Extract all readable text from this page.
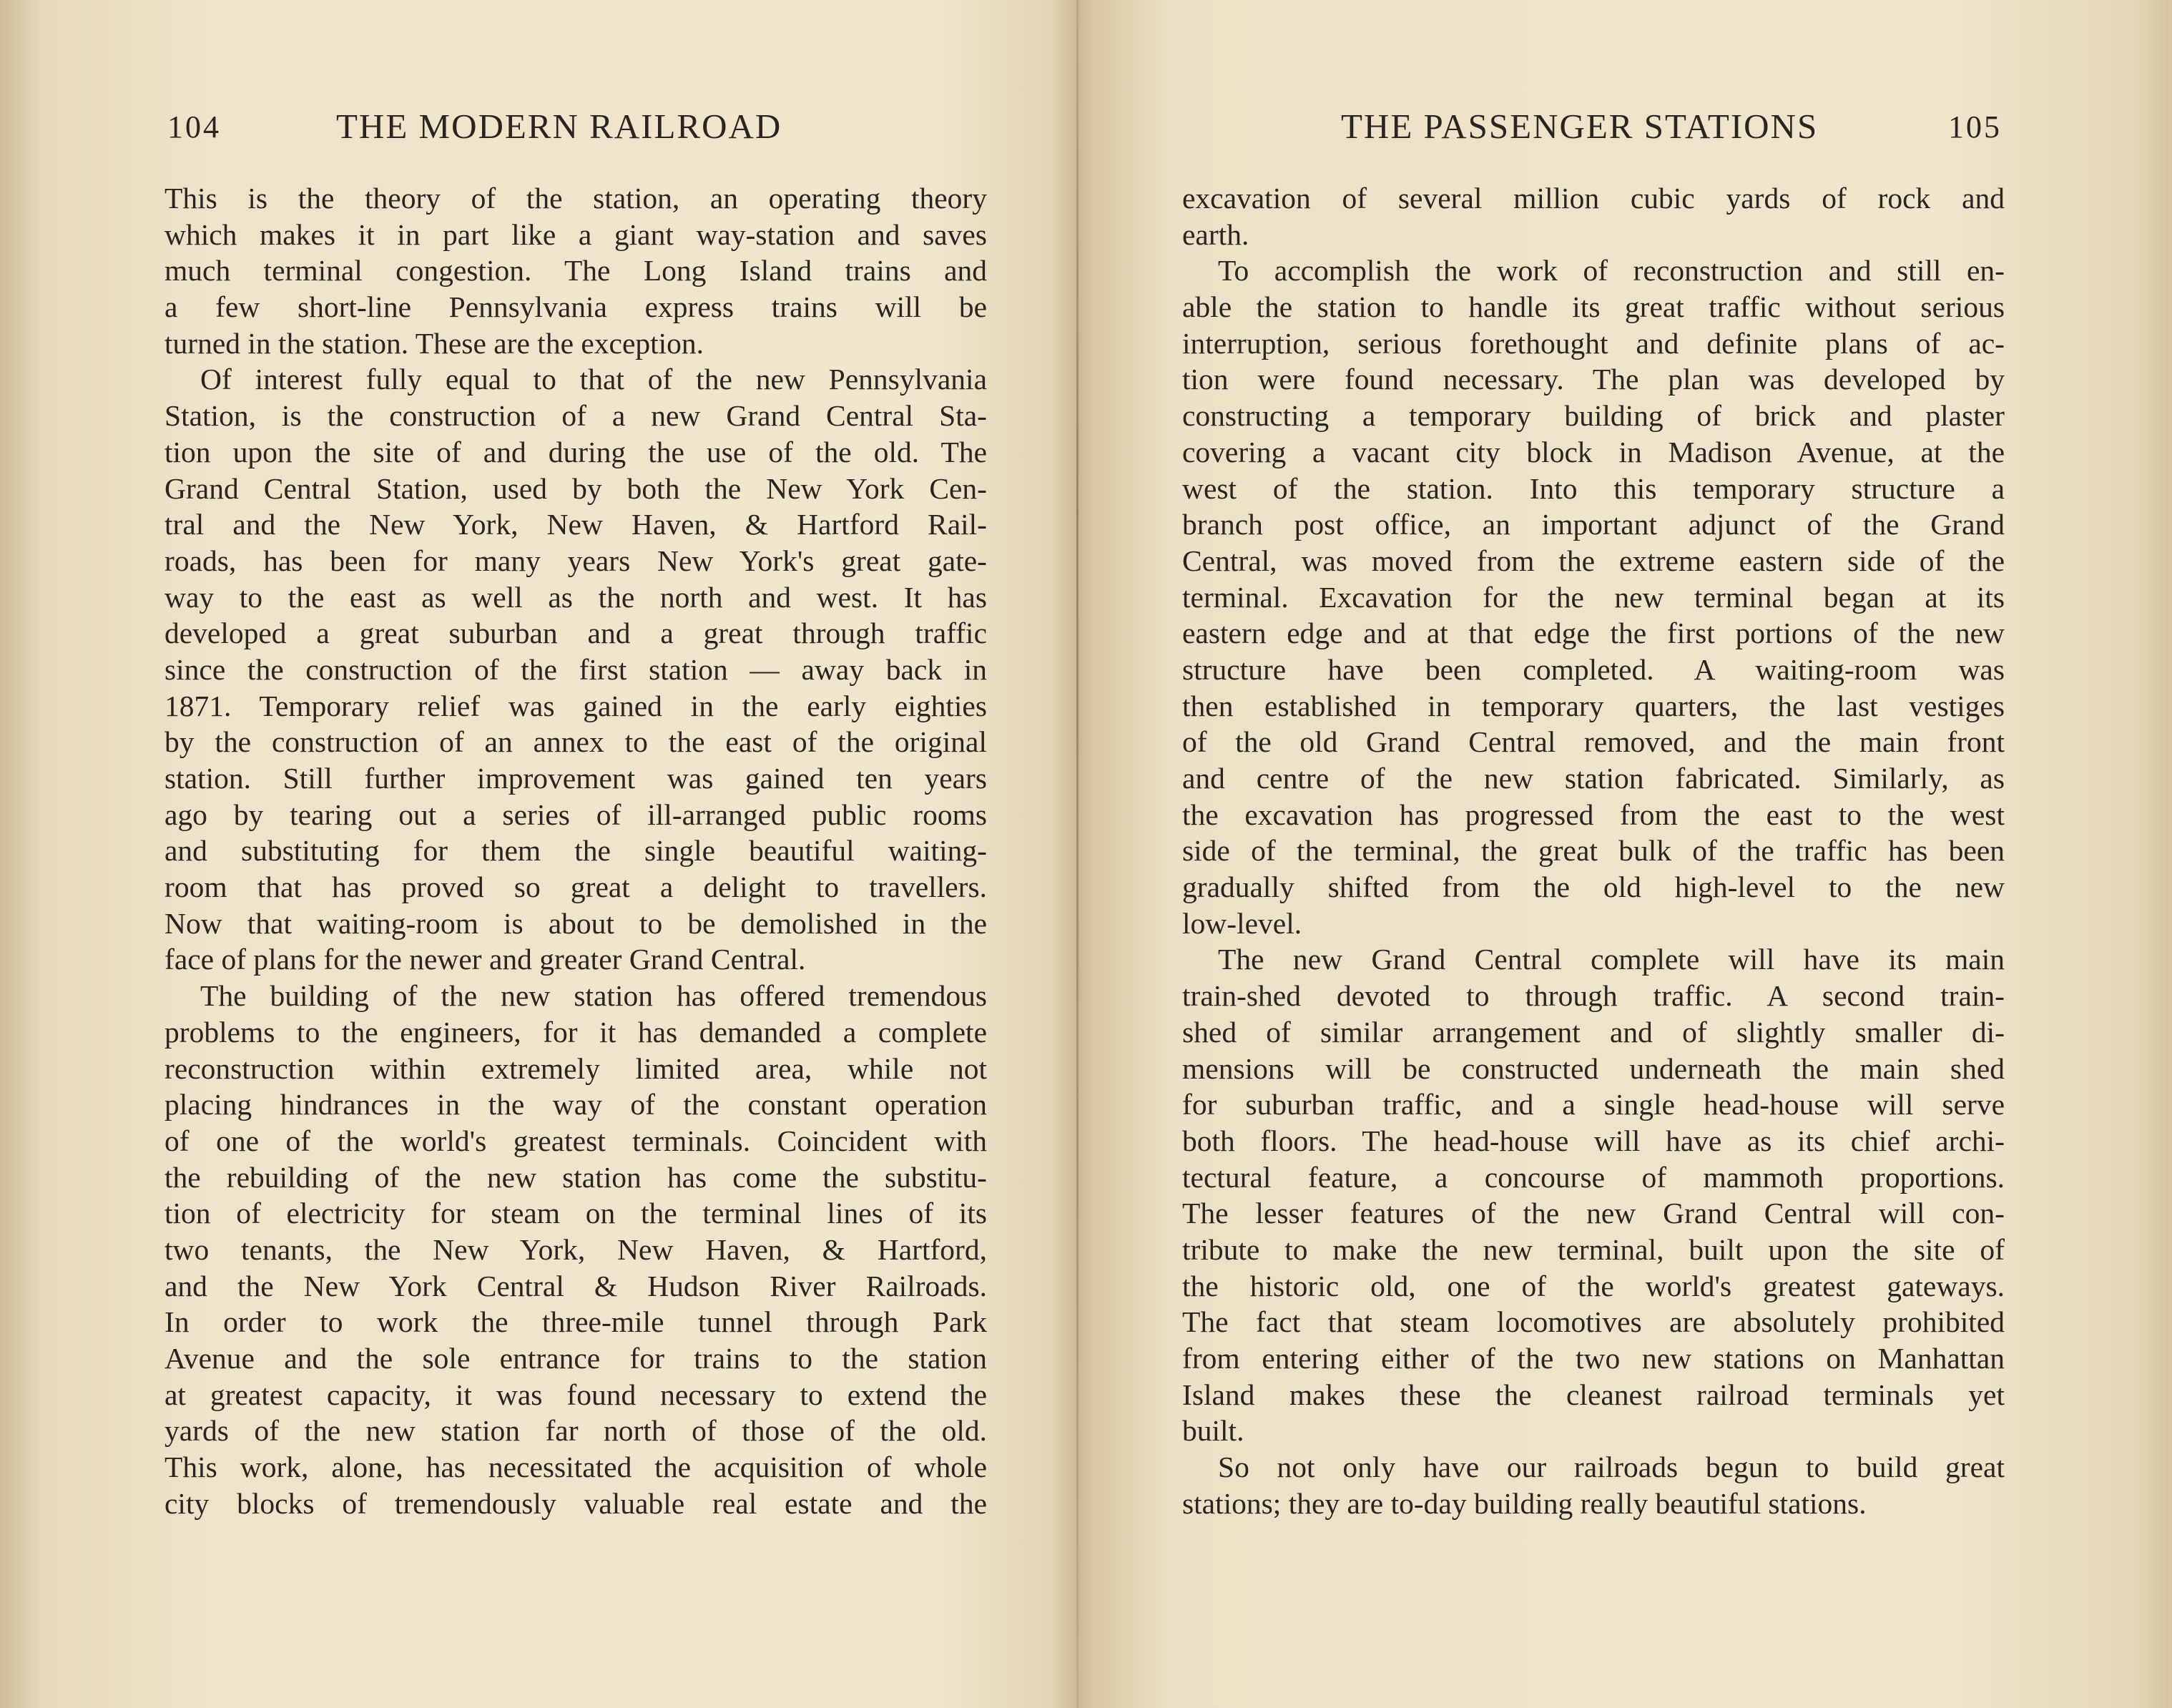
104	THE MODERN RAILROAD
This is the theory of the station, an operating theory
which makes it in part like a giant way-station and saves
much terminal congestion. The Long Island trains and
a few short-line Pennsylvania express trains will be
turned in the station. These are the exception.
Of interest fully equal to that of the new Pennsylvania
Station, is the construction of a new Grand Central Sta-
tion upon the site of and during the use of the old. The
Grand Central Station, used by both the New York Cen-
tral and the New York, New Haven, & Hartford Rail-
roads, has been for many years New York's great gate-
way to the east as well as the north and west. It has
developed a great suburban and a great through traffic
since the construction of the first station — away back in
1871. Temporary relief was gained in the early eighties
by the construction of an annex to the east of the original
station. Still further improvement was gained ten years
ago by tearing out a series of ill-arranged public rooms
and substituting for them the single beautiful waiting-
room that has proved so great a delight to travellers.
Now that waiting-room is about to be demolished in the
face of plans for the newer and greater Grand Central.
The building of the new station has offered tremendous
problems to the engineers, for it has demanded a complete
reconstruction within extremely limited area, while not
placing hindrances in the way of the constant operation
of one of the world's greatest terminals. Coincident with
the rebuilding of the new station has come the substitu-
tion of electricity for steam on the terminal lines of its
two tenants, the New York, New Haven, & Hartford,
and the New York Central & Hudson River Railroads.
In order to work the three-mile tunnel through Park
Avenue and the sole entrance for trains to the station
at greatest capacity, it was found necessary to extend the
yards of the new station far north of those of the old.
This work, alone, has necessitated the acquisition of whole
city blocks of tremendously valuable real estate and the
THE PASSENGER STATIONS	105
excavation of several million cubic yards of rock and
earth.
To accomplish the work of reconstruction and still en-
able the station to handle its great traffic without serious
interruption, serious forethought and definite plans of ac-
tion were found necessary. The plan was developed by
constructing a temporary building of brick and plaster
covering a vacant city block in Madison Avenue, at the
west of the station. Into this temporary structure a
branch post office, an important adjunct of the Grand
Central, was moved from the extreme eastern side of the
terminal. Excavation for the new terminal began at its
eastern edge and at that edge the first portions of the new
structure have been completed. A waiting-room was
then established in temporary quarters, the last vestiges
of the old Grand Central removed, and the main front
and centre of the new station fabricated. Similarly, as
the excavation has progressed from the east to the west
side of the terminal, the great bulk of the traffic has been
gradually shifted from the old high-level to the new
low-level.
The new Grand Central complete will have its main
train-shed devoted to through traffic. A second train-
shed of similar arrangement and of slightly smaller di-
mensions will be constructed underneath the main shed
for suburban traffic, and a single head-house will serve
both floors. The head-house will have as its chief archi-
tectural feature, a concourse of mammoth proportions.
The lesser features of the new Grand Central will con-
tribute to make the new terminal, built upon the site of
the historic old, one of the world's greatest gateways.
The fact that steam locomotives are absolutely prohibited
from entering either of the two new stations on Manhattan
Island makes these the cleanest railroad terminals yet
built.
So not only have our railroads begun to build great
stations; they are to-day building really beautiful stations.
